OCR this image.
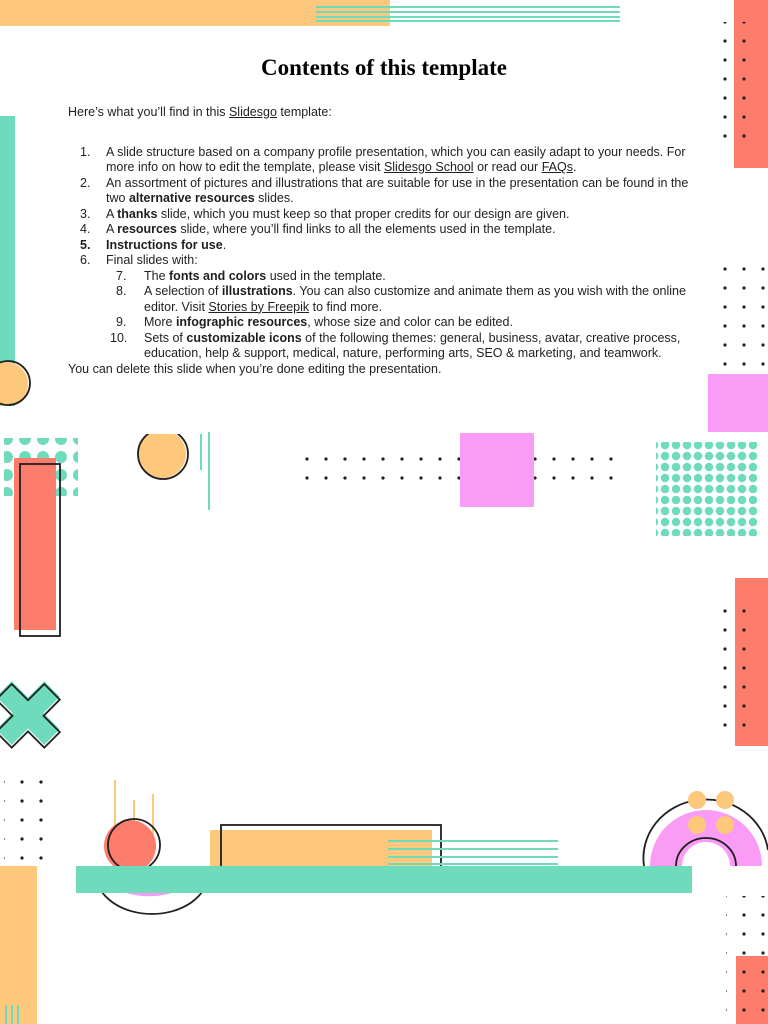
Contents of this template

Here’s what you’ll find in this Slidesgo template:

1. A slide structure based on a company profile presentation, which you can easily adapt to your needs. For more info on how to edit the template, please visit Slidesgo School or read our FAQs.
2. An assortment of pictures and illustrations that are suitable for use in the presentation can be found in the two alternative resources slides.
3. A thanks slide, which you must keep so that proper credits for our design are given.
4. A resources slide, where you’ll find links to all the elements used in the template.
5. Instructions for use.
6. Final slides with:
7. The fonts and colors used in the template.
8. A selection of illustrations. You can also customize and animate them as you wish with the online editor. Visit Stories by Freepik to find more.
9. More infographic resources, whose size and color can be edited.
10. Sets of customizable icons of the following themes: general, business, avatar, creative process, education, help & support, medical, nature, performing arts, SEO & marketing, and teamwork.

You can delete this slide when you’re done editing the presentation.
